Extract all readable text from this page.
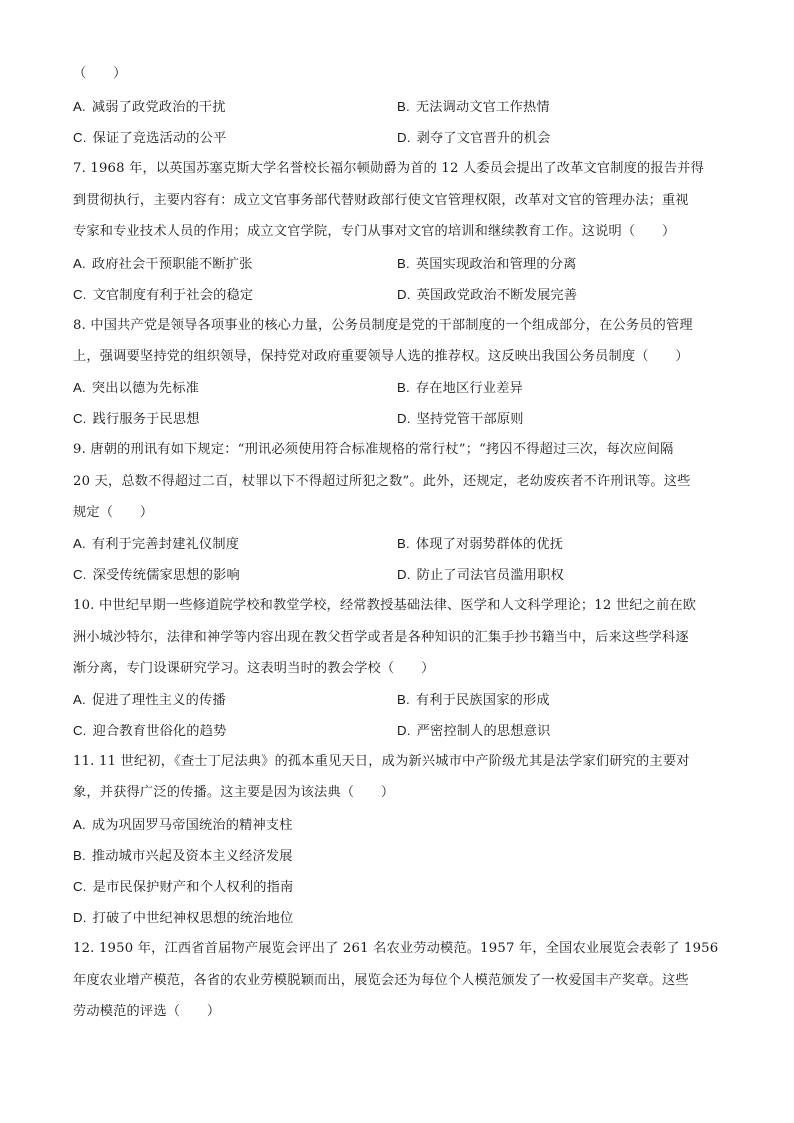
（　　）
A. 减弱了政党政治的干扰	B. 无法调动文官工作热情
C. 保证了竞选活动的公平	D. 剥夺了文官晋升的机会
7. 1968 年，以英国苏塞克斯大学名誉校长福尔顿勋爵为首的 12 人委员会提出了改革文官制度的报告并得
到贯彻执行，主要内容有：成立文官事务部代替财政部行使文官管理权限，改革对文官的管理办法；重视
专家和专业技术人员的作用；成立文官学院，专门从事对文官的培训和继续教育工作。这说明（　　）
A. 政府社会干预职能不断扩张	B. 英国实现政治和管理的分离
C. 文官制度有利于社会的稳定	D. 英国政党政治不断发展完善
8. 中国共产党是领导各项事业的核心力量，公务员制度是党的干部制度的一个组成部分，在公务员的管理
上，强调要坚持党的组织领导，保持党对政府重要领导人选的推荐权。这反映出我国公务员制度（　　）
A. 突出以德为先标准	B. 存在地区行业差异
C. 践行服务于民思想	D. 坚持党管干部原则
9. 唐朝的刑讯有如下规定：“刑讯必须使用符合标准规格的常行杖”；“拷囚不得超过三次，每次应间隔
20 天，总数不得超过二百，杖罪以下不得超过所犯之数”。此外，还规定，老幼废疾者不许刑讯等。这些
规定（　　）
A. 有利于完善封建礼仪制度	B. 体现了对弱势群体的优抚
C. 深受传统儒家思想的影响	D. 防止了司法官员滥用职权
10. 中世纪早期一些修道院学校和教堂学校，经常教授基础法律、医学和人文科学理论；12 世纪之前在欧
洲小城沙特尔，法律和神学等内容出现在教父哲学或者是各种知识的汇集手抄书籍当中，后来这些学科逐
渐分离，专门设课研究学习。这表明当时的教会学校（　　）
A. 促进了理性主义的传播	B. 有利于民族国家的形成
C. 迎合教育世俗化的趋势	D. 严密控制人的思想意识
11. 11 世纪初，《查士丁尼法典》的孤本重见天日，成为新兴城市中产阶级尤其是法学家们研究的主要对
象，并获得广泛的传播。这主要是因为该法典（　　）
A. 成为巩固罗马帝国统治的精神支柱
B. 推动城市兴起及资本主义经济发展
C. 是市民保护财产和个人权利的指南
D. 打破了中世纪神权思想的统治地位
12. 1950 年，江西省首届物产展览会评出了 261 名农业劳动模范。1957 年，全国农业展览会表彰了 1956
年度农业增产模范，各省的农业劳模脱颖而出，展览会还为每位个人模范颁发了一枚爱国丰产奖章。这些
劳动模范的评选（　　）
